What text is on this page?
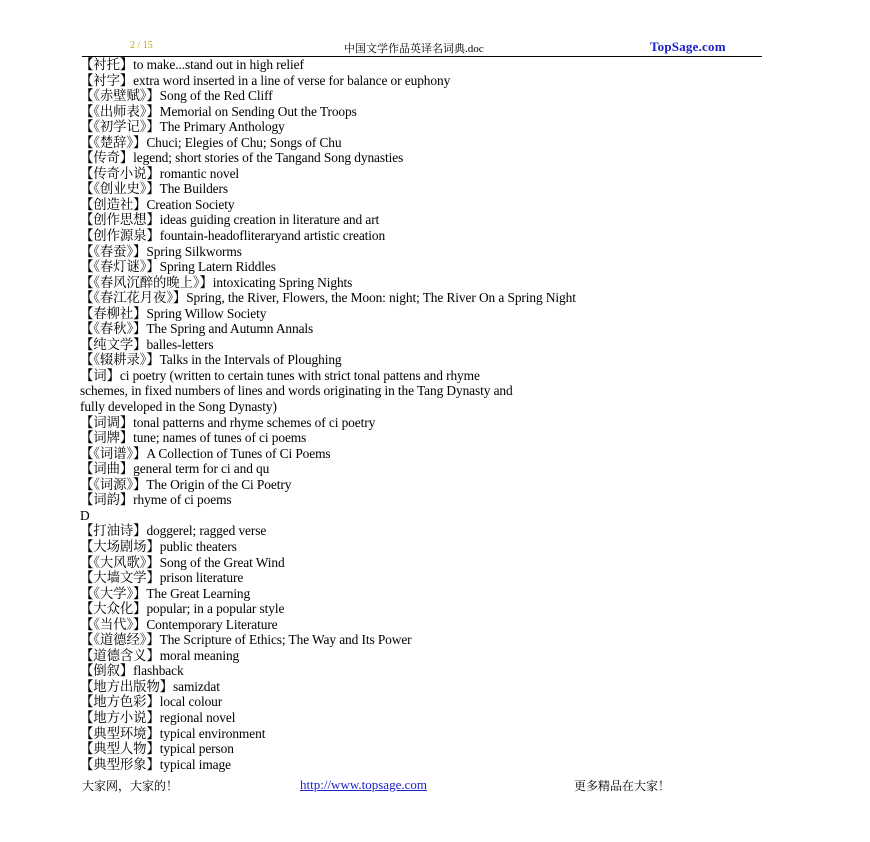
2 / 15	中国文学作品英译名词典.doc	TopSage.com
【衬托】to make...stand out in high relief
【衬字】extra word inserted in a line of verse for balance or euphony
【《赤壁赋》】Song of the Red Cliff
【《出师表》】Memorial on Sending Out the Troops
【《初学记》】The Primary Anthology
【《楚辞》】Chuci; Elegies of Chu; Songs of Chu
【传奇】legend; short stories of the Tangand Song dynasties
【传奇小说】romantic novel
【《创业史》】The Builders
【创造社】Creation Society
【创作思想】ideas guiding creation in literature and art
【创作源泉】fountain-headofliteraryand artistic creation
【《春蚕》】Spring Silkworms
【《春灯谜》】Spring Latern Riddles
【《春风沉醉的晚上》】intoxicating Spring Nights
【《春江花月夜》】Spring, the River, Flowers, the Moon: night; The River On a Spring Night
【春柳社】Spring Willow Society
【《春秋》】The Spring and Autumn Annals
【纯文学】balles-letters
【《辍耕录》】Talks in the Intervals of Ploughing
【词】ci poetry (written to certain tunes with strict tonal pattens and rhyme
schemes, in fixed numbers of lines and words originating in the Tang Dynasty and
fully developed in the Song Dynasty)
【词调】tonal patterns and rhyme schemes of ci poetry
【词牌】tune; names of tunes of ci poems
【《词谱》】A Collection of Tunes of Ci Poems
【词曲】general term for ci and qu
【《词源》】The Origin of the Ci Poetry
【词韵】rhyme of ci poems
D
【打油诗】doggerel; ragged verse
【大场剧场】public theaters
【《大风歌》】Song of the Great Wind
【大墙文学】prison literature
【《大学》】The Great Learning
【大众化】popular; in a popular style
【《当代》】Contemporary Literature
【《道德经》】The Scripture of Ethics; The Way and Its Power
【道德含义】moral meaning
【倒叙】flashback
【地方出版物】samizdat
【地方色彩】local colour
【地方小说】regional novel
【典型环境】typical environment
【典型人物】typical person
【典型形象】typical image
大家网，大家的！	http://www.topsage.com	更多精品在大家！
